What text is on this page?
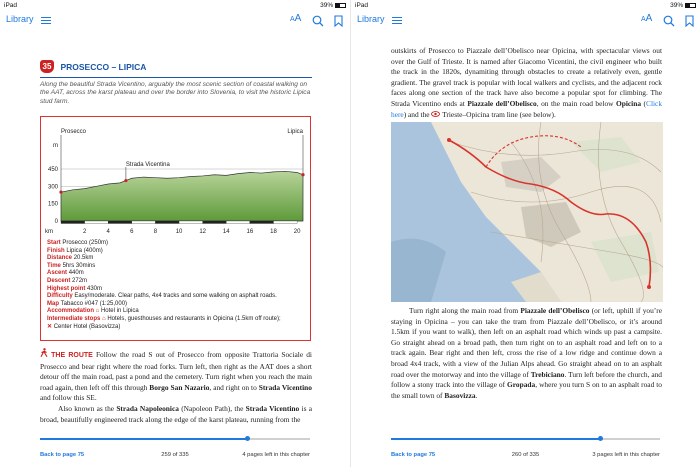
iPad	39%
Library	AA
35 PROSECCO – LIPICA

Along the beautiful Strada Vicentino, arguably the most scenic section of coastal walking on the AAT, across the karst plateau and over the border into Slovenia, to visit the historic Lipica stud farm.

450
300
150
0
2	4	6	8	10	12	14	16	18	20
km
m
Prosecco	Lipica
Strada Vicentina
Start Prosecco (250m)
Finish Lipica (400m)
Distance 20.5km
Time 5hrs 30mins
Ascent 440m
Descent 272m
Highest point 430m
Difficulty Easy/moderate. Clear paths, 4x4 tracks and some walking on asphalt roads.
Map Tabacco #047 (1:25,000)
Accommodation ⌂ Hotel in Lipica
Intermediate stops ⌂ Hotels, guesthouses and restaurants in Opicina (1.5km off route);
✕ Center Hotel (Basovizza)

THE ROUTE Follow the road S out of Prosecco from opposite Trattoria Sociale di Prosecco and bear right where the road forks. Turn left, then right as the AAT does a short detour off the main road, past a pond and the cemetery. Turn right when you reach the main road again, then left off this through Borgo San Nazario, and right on to Strada Vicentino and follow this SE.

Also known as the Strada Napoleonica (Napoleon Path), the Strada Vicentino is a broad, beautifully engineered track along the edge of the karst plateau, running from the

Back to page 75	259 of 335	4 pages left in this chapter
iPad	39%
Library	AA

outskirts of Prosecco to Piazzale dell’Obelisco near Opicina, with spectacular views out over the Gulf of Trieste. It is named after Giacomo Vicentini, the civil engineer who built the track in the 1820s, dynamiting through obstacles to create a relatively even, gentle gradient. The gravel track is popular with local walkers and cyclists, and the adjacent rock faces along one section of the track have also become a popular spot for climbing. The Strada Vicentino ends at Piazzale dell’Obelisco, on the main road below Opicina (Click here) and the  Trieste–Opicina tram line (see below).

Turn right along the main road from Piazzale dell’Obelisco (or left, uphill if you’re staying in Opicina – you can take the tram from Piazzale dell’Obelisco, or it’s around 1.5km if you want to walk), then left on an asphalt road which winds up past a campsite. Go straight ahead on a broad path, then turn right on to an asphalt road and left on to a track again. Bear right and then left, cross the rise of a low ridge and continue down a broad 4x4 track, with a view of the Julian Alps ahead. Go straight ahead on to an asphalt road over the motorway and into the village of Trebiciano. Turn left before the church, and follow a stony track into the village of Gropada, where you turn S on to an asphalt road to the small town of Basovizza.
Back to page 75	260 of 335	3 pages left in this chapter
